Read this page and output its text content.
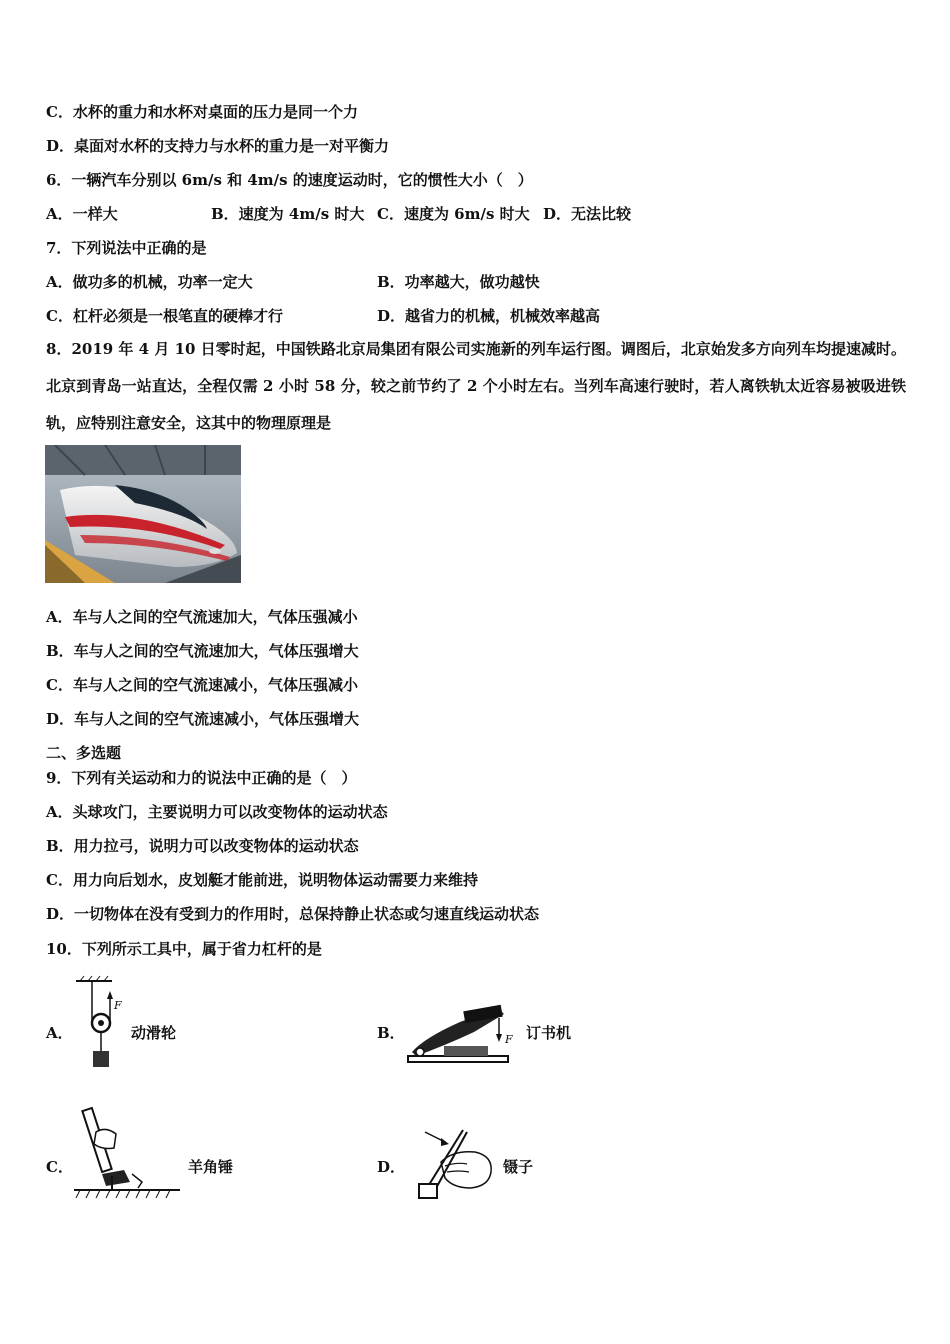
C．水杯的重力和水杯对桌面的压力是同一个力
D．桌面对水杯的支持力与水杯的重力是一对平衡力
6．一辆汽车分别以 6m/s 和 4m/s 的速度运动时，它的惯性大小（　）
A．一样大	B．速度为 4m/s 时大 C．速度为 6m/s 时大 D．无法比较
7．下列说法中正确的是
A．做功多的机械，功率一定大	B．功率越大，做功越快
C．杠杆必须是一根笔直的硬棒才行	D．越省力的机械，机械效率越高
8．2019 年 4 月 10 日零时起，中国铁路北京局集团有限公司实施新的列车运行图。调图后，北京始发多方向列车均提速减时。北京到青岛一站直达，全程仅需 2 小时 58 分，较之前节约了 2 个小时左右。当列车高速行驶时，若人离铁轨太近容易被吸进铁轨，应特别注意安全，这其中的物理原理是
A．车与人之间的空气流速加大，气体压强减小
B．车与人之间的空气流速加大，气体压强增大
C．车与人之间的空气流速减小，气体压强减小
D．车与人之间的空气流速减小，气体压强增大
二、多选题
9．下列有关运动和力的说法中正确的是（　）
A．头球攻门，主要说明力可以改变物体的运动状态
B．用力拉弓，说明力可以改变物体的运动状态
C．用力向后划水，皮划艇才能前进，说明物体运动需要力来维持
D．一切物体在没有受到力的作用时，总保持静止状态或匀速直线运动状态
10．下列所示工具中，属于省力杠杆的是
A．
F
动滑轮	B．	F 订书机
C．	羊角锤	D．	镊子
